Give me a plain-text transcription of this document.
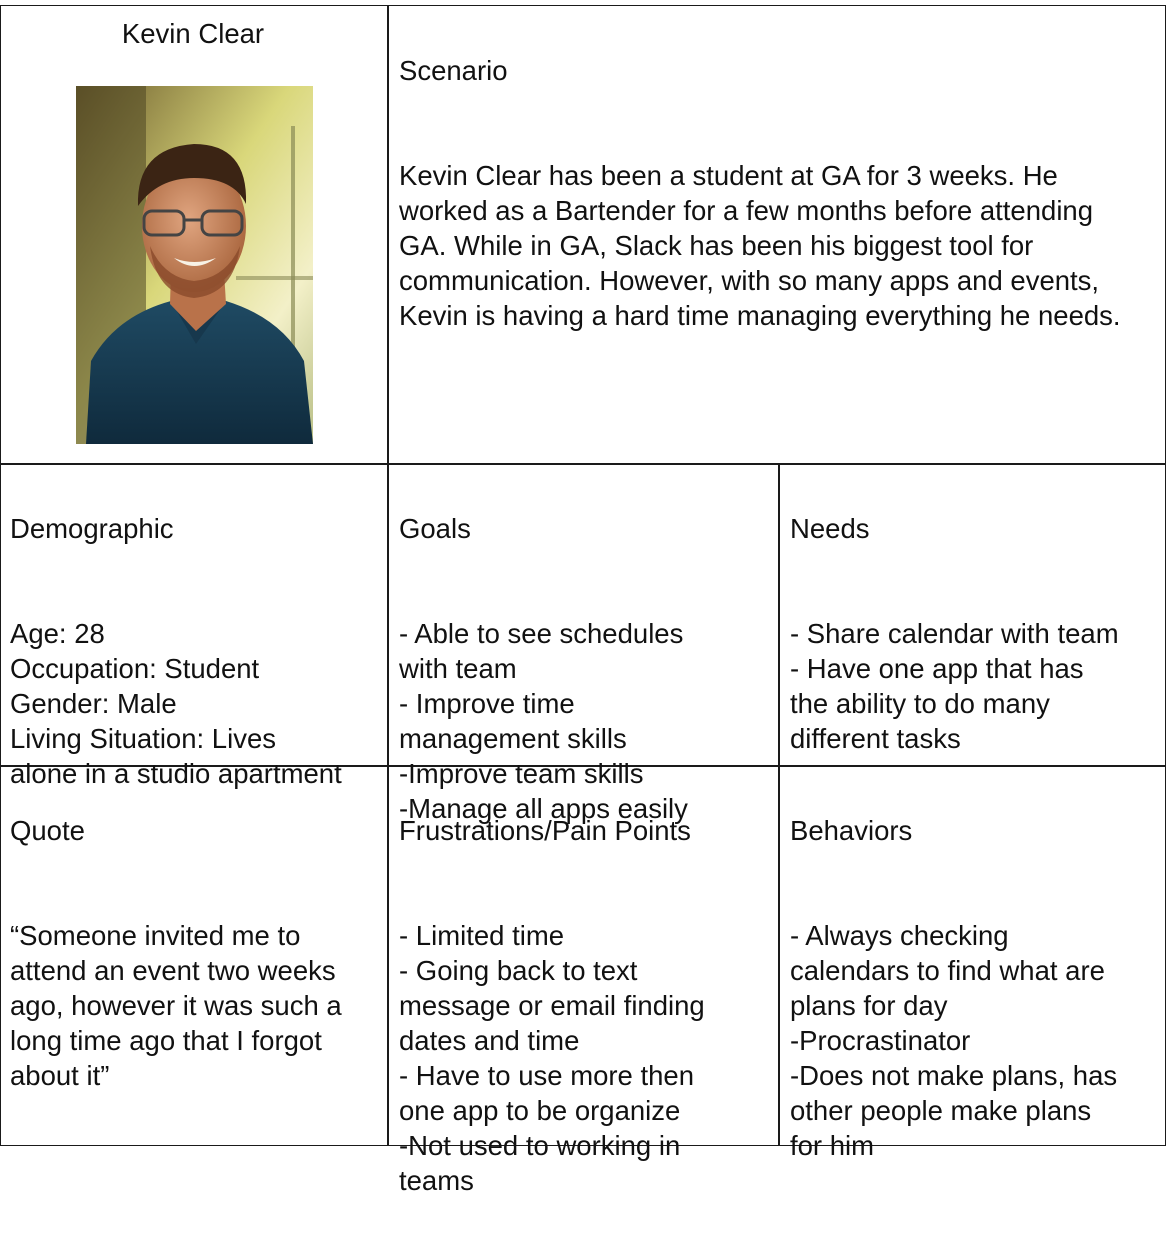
Kevin Clear

Scenario

Kevin Clear has been a student at GA for 3 weeks. He worked as a Bartender for a few months before attending GA. While in GA, Slack has been his biggest tool for communication. However, with so many apps and events, Kevin is having a hard time managing everything he needs.

Demographic

Age: 28
Occupation: Student
Gender: Male
Living Situation: Lives
alone in a studio apartment

Goals

- Able to see schedules
with team
- Improve time
management skills
-Improve team skills
-Manage all apps easily

Needs

- Share calendar with team
- Have one app that has
the ability to do many
different tasks

Quote

“Someone invited me to
attend an event two weeks
ago, however it was such a
long time ago that I forgot
about it”

Frustrations/Pain Points

- Limited time
- Going back to text
message or email finding
dates and time
- Have to use more then
one app to be organize
-Not used to working in
teams

Behaviors

- Always checking
calendars to find what are
plans for day
-Procrastinator
-Does not make plans, has
other people make plans
for him
